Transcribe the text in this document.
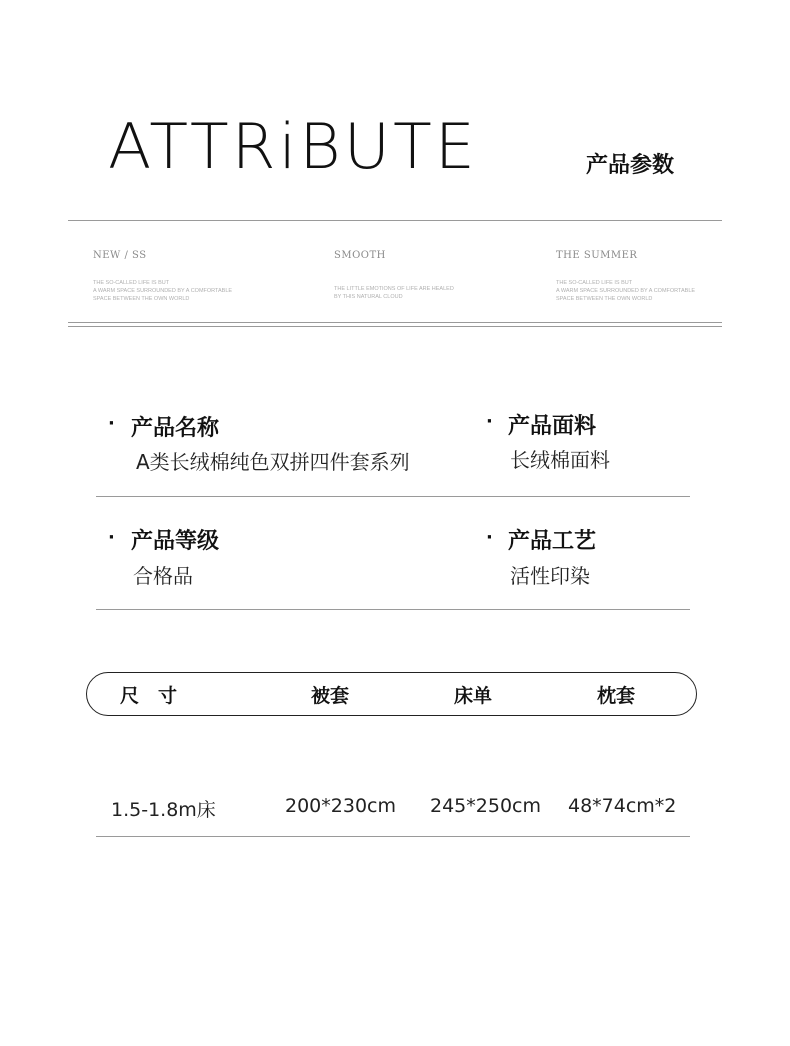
ATTRiBUTE	产品参数
NEW / SS
THE SO-CALLED LIFE IS BUT
A WARM SPACE SURROUNDED BY A COMFORTABLE
SPACE BETWEEN THE OWN WORLD
SMOOTH
THE LITTLE EMOTIONS OF LIFE ARE HEALED
BY THIS NATURAL CLOUD
THE SUMMER
THE SO-CALLED LIFE IS BUT
A WARM SPACE SURROUNDED BY A COMFORTABLE
SPACE BETWEEN THE OWN WORLD
· 产品名称
A类长绒棉纯色双拼四件套系列
· 产品面料
长绒棉面料
· 产品等级
合格品
· 产品工艺
活性印染
尺　寸	被套	床单	枕套
1.5-1.8m床	200*230cm 245*250cm 48*74cm*2
